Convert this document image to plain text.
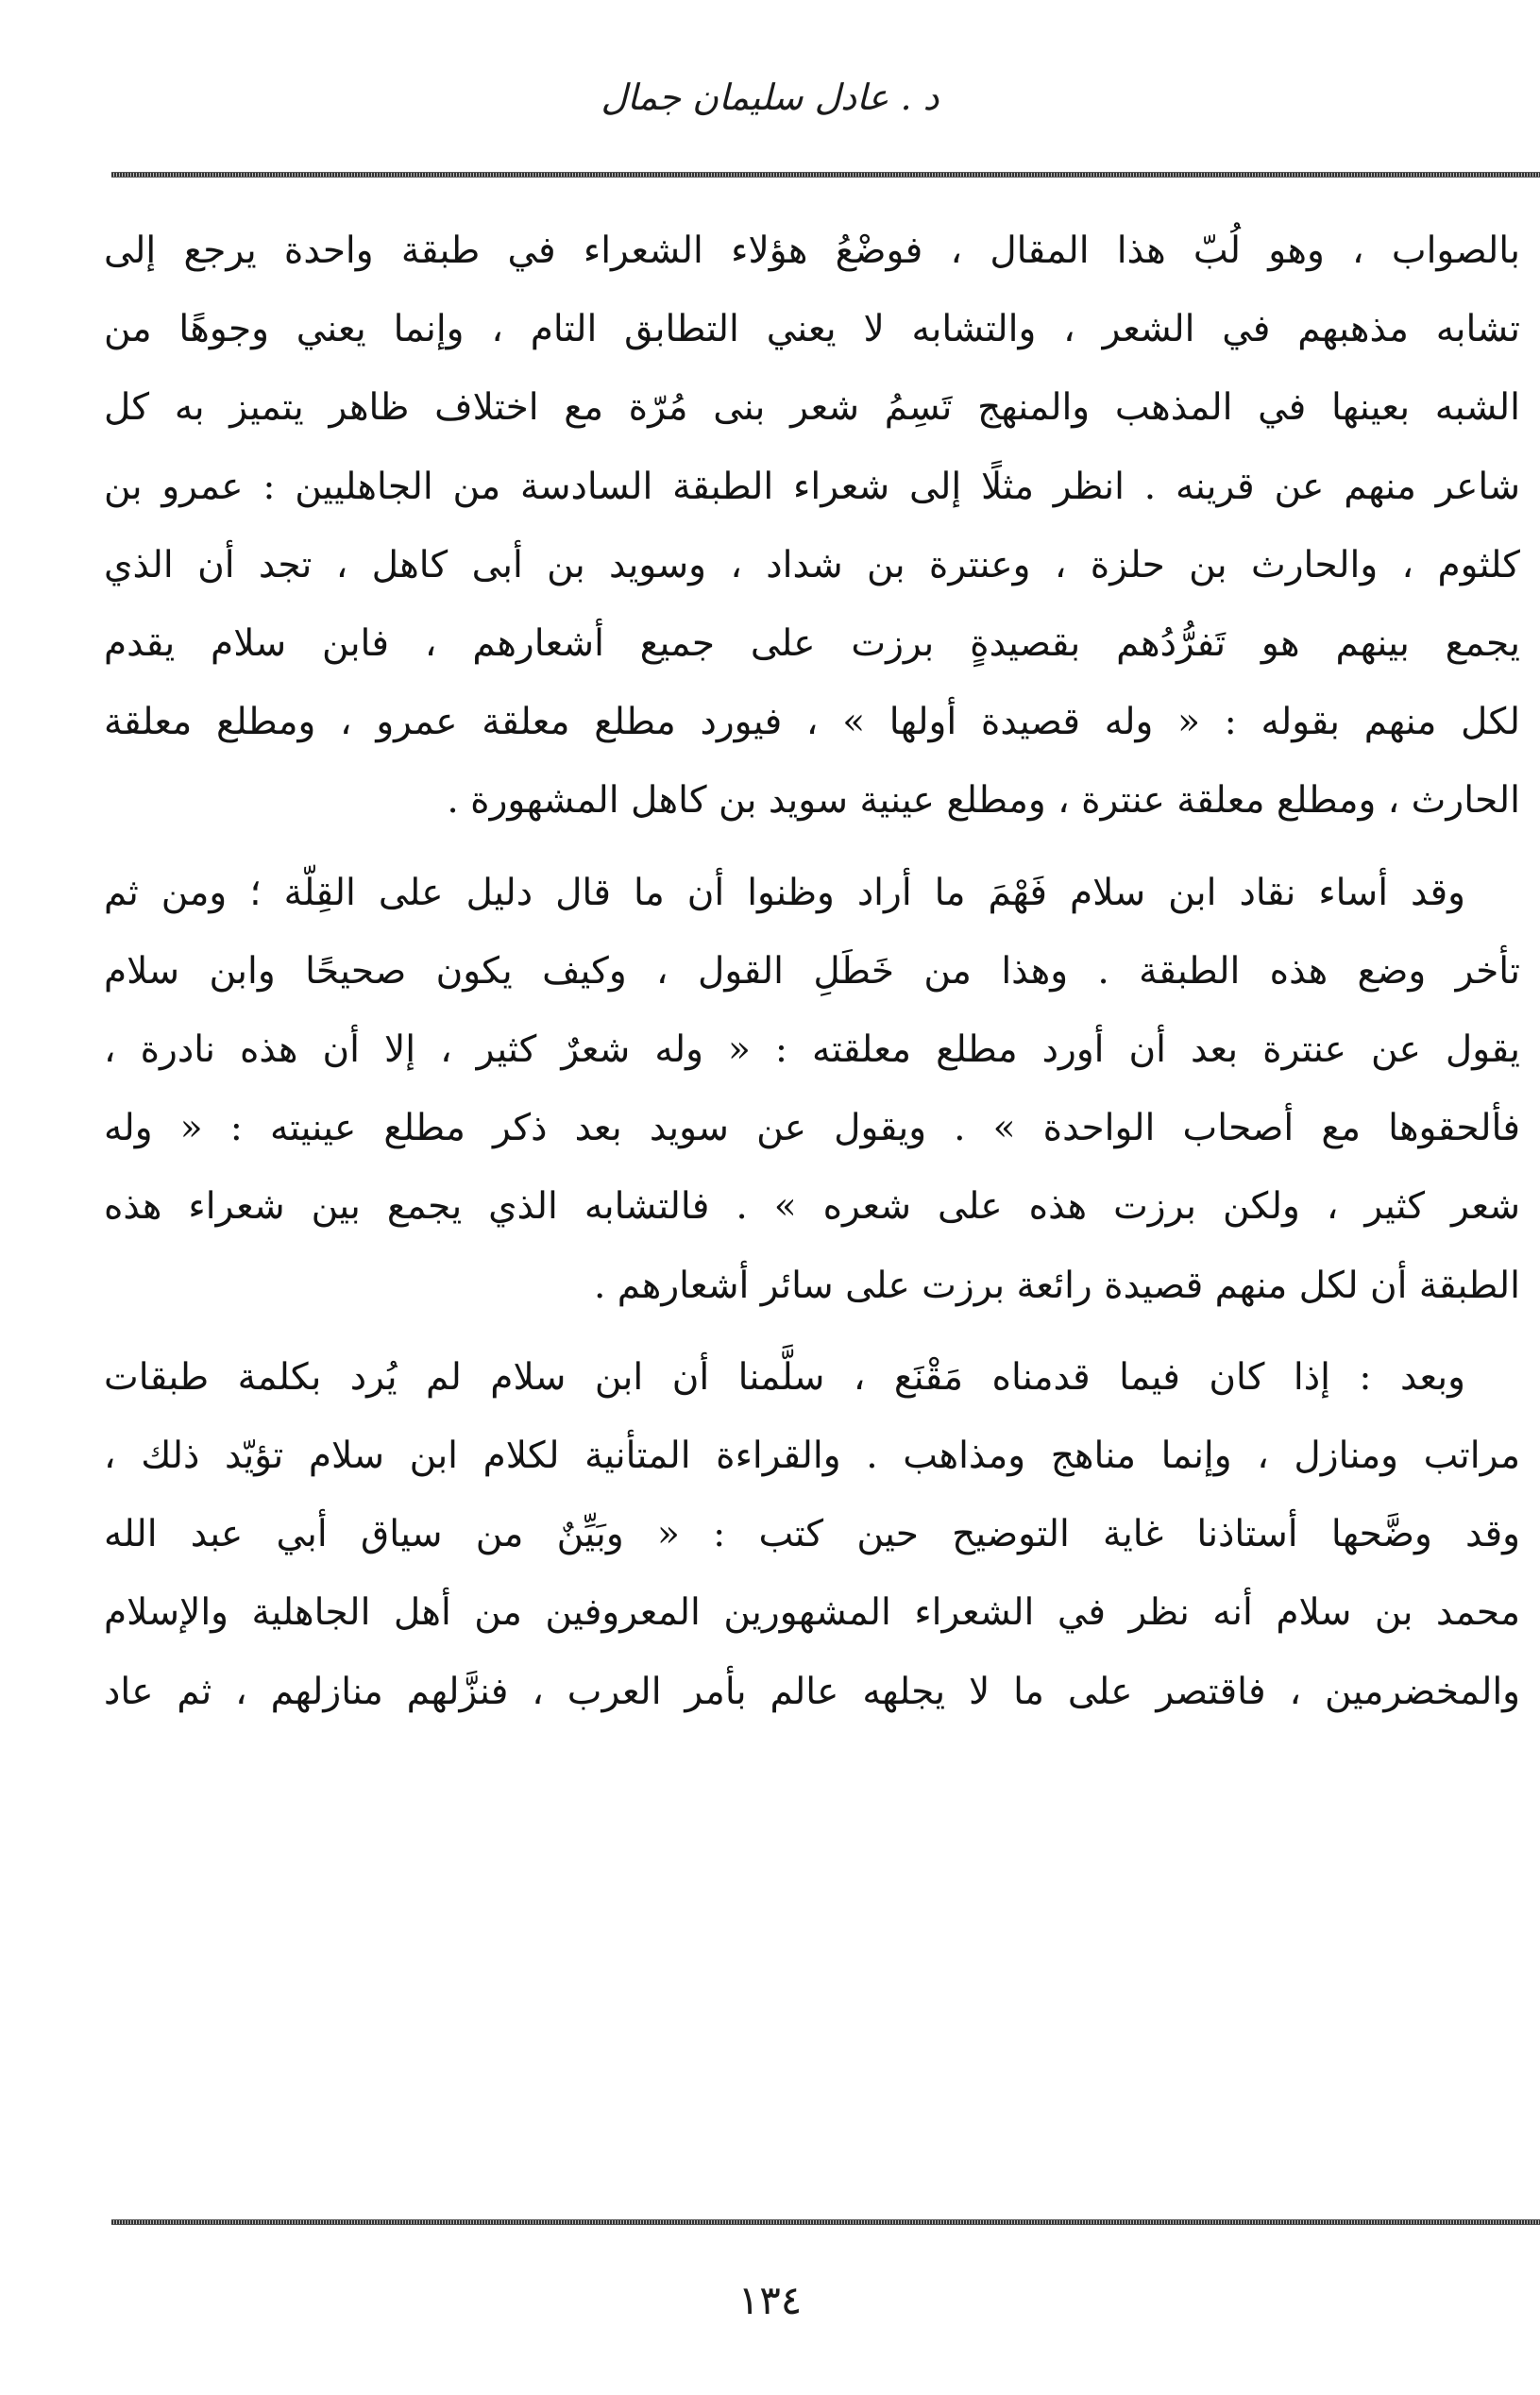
د . عادل سليمان جمال

بالصواب ، وهو لُبّ هذا المقال ، فوضْعُ هؤلاء الشعراء في طبقة واحدة يرجع إلى
تشابه مذهبهم في الشعر ، والتشابه لا يعني التطابق التام ، وإنما يعني وجوهًا من
الشبه بعينها في المذهب والمنهج تَسِمُ شعر بنى مُرّة مع اختلاف ظاهر يتميز به كل
شاعر منهم عن قرينه . انظر مثلًا إلى شعراء الطبقة السادسة من الجاهليين : عمرو بن
كلثوم ، والحارث بن حلزة ، وعنترة بن شداد ، وسويد بن أبى كاهل ، تجد أن الذي
يجمع بينهم هو تَفرُّدُهم بقصيدةٍ برزت على جميع أشعارهم ، فابن سلام يقدم
لكل منهم بقوله : « وله قصيدة أولها » ، فيورد مطلع معلقة عمرو ، ومطلع معلقة
الحارث ، ومطلع معلقة عنترة ، ومطلع عينية سويد بن كاهل المشهورة .

وقد أساء نقاد ابن سلام فَهْمَ ما أراد وظنوا أن ما قال دليل على القِلّة ؛ ومن ثم
تأخر وضع هذه الطبقة . وهذا من خَطَلِ القول ، وكيف يكون صحيحًا وابن سلام
يقول عن عنترة بعد أن أورد مطلع معلقته : « وله شعرٌ كثير ، إلا أن هذه نادرة ،
فألحقوها مع أصحاب الواحدة » . ويقول عن سويد بعد ذكر مطلع عينيته : « وله
شعر كثير ، ولكن برزت هذه على شعره » . فالتشابه الذي يجمع بين شعراء هذه
الطبقة أن لكل منهم قصيدة رائعة برزت على سائر أشعارهم .

وبعد : إذا كان فيما قدمناه مَقْنَع ، سلَّمنا أن ابن سلام لم يُرد بكلمة طبقات
مراتب ومنازل ، وإنما مناهج ومذاهب . والقراءة المتأنية لكلام ابن سلام تؤيّد ذلك ،
وقد وضَّحها أستاذنا غاية التوضيح حين كتب : « وبَيِّنٌ من سياق أبي عبد الله
محمد بن سلام أنه نظر في الشعراء المشهورين المعروفين من أهل الجاهلية والإسلام
والمخضرمين ، فاقتصر على ما لا يجلهه عالم بأمر العرب ، فنزَّلهم منازلهم ، ثم عاد

١٣٤
